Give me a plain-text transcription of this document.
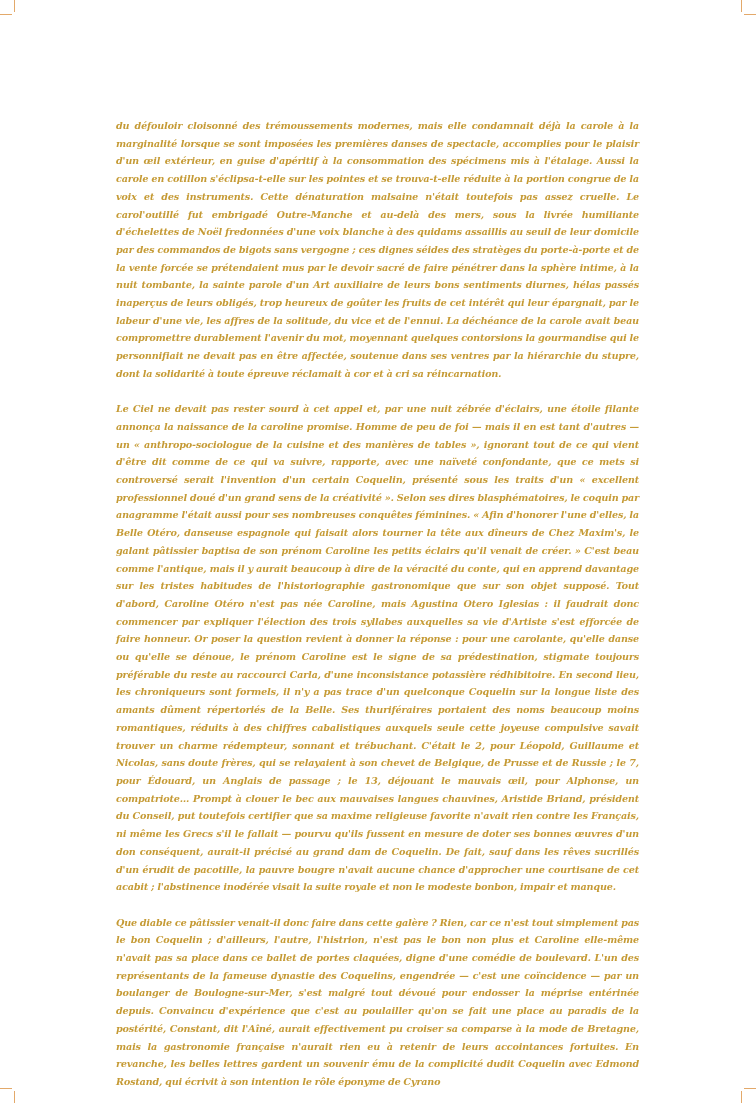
du défouloir cloisonné des trémoussements modernes, mais elle condamnait déjà la carole à la marginalité lorsque se sont imposées les premières danses de spectacle, accomplies pour le plaisir d'un œil extérieur, en guise d'apéritif à la consommation des spécimens mis à l'étalage. Aussi la carole en cotillon s'éclipsa-t-elle sur les pointes et se trouva-t-elle réduite à la portion congrue de la voix et des instruments. Cette dénaturation malsaine n'était toutefois pas assez cruelle. Le carol'outillé fut embrigadé Outre-Manche et au-delà des mers, sous la livrée humiliante d'échelettes de Noël fredonnées d'une voix blanche à des quidams assaillis au seuil de leur domicile par des commandos de bigots sans vergogne ; ces dignes séides des stratèges du porte-à-porte et de la vente forcée se prétendaient mus par le devoir sacré de faire pénétrer dans la sphère intime, à la nuit tombante, la sainte parole d'un Art auxiliaire de leurs bons sentiments diurnes, hélas passés inaperçus de leurs obligés, trop heureux de goûter les fruits de cet intérêt qui leur épargnait, par le labeur d'une vie, les affres de la solitude, du vice et de l'ennui. La déchéance de la carole avait beau compromettre durablement l'avenir du mot, moyennant quelques contorsions la gourmandise qui le personnifiait ne devait pas en être affectée, soutenue dans ses ventres par la hiérarchie du stupre, dont la solidarité à toute épreuve réclamait à cor et à cri sa réincarnation.

Le Ciel ne devait pas rester sourd à cet appel et, par une nuit zébrée d'éclairs, une étoile filante annonça la naissance de la caroline promise. Homme de peu de foi — mais il en est tant d'autres — un « anthropo-sociologue de la cuisine et des manières de tables », ignorant tout de ce qui vient d'être dit comme de ce qui va suivre, rapporte, avec une naïveté confondante, que ce mets si controversé serait l'invention d'un certain Coquelin, présenté sous les traits d'un « excellent professionnel doué d'un grand sens de la créativité ». Selon ses dires blasphématoires, le coquin par anagramme l'était aussi pour ses nombreuses conquêtes féminines. « Afin d'honorer l'une d'elles, la Belle Otéro, danseuse espagnole qui faisait alors tourner la tête aux dîneurs de Chez Maxim's, le galant pâtissier baptisa de son prénom Caroline les petits éclairs qu'il venait de créer. » C'est beau comme l'antique, mais il y aurait beaucoup à dire de la véracité du conte, qui en apprend davantage sur les tristes habitudes de l'historiographie gastronomique que sur son objet supposé. Tout d'abord, Caroline Otéro n'est pas née Caroline, mais Agustina Otero Iglesias : il faudrait donc commencer par expliquer l'élection des trois syllabes auxquelles sa vie d'Artiste s'est efforcée de faire honneur. Or poser la question revient à donner la réponse : pour une carolante, qu'elle danse ou qu'elle se dénoue, le prénom Caroline est le signe de sa prédestination, stigmate toujours préférable du reste au raccourci Carla, d'une inconsistance potassière rédhibitoire. En second lieu, les chroniqueurs sont formels, il n'y a pas trace d'un quelconque Coquelin sur la longue liste des amants dûment répertoriés de la Belle. Ses thuriféraires portaient des noms beaucoup moins romantiques, réduits à des chiffres cabalistiques auxquels seule cette joyeuse compulsive savait trouver un charme rédempteur, sonnant et trébuchant. C'était le 2, pour Léopold, Guillaume et Nicolas, sans doute frères, qui se relayaient à son chevet de Belgique, de Prusse et de Russie ; le 7, pour Édouard, un Anglais de passage ; le 13, déjouant le mauvais œil, pour Alphonse, un compatriote… Prompt à clouer le bec aux mauvaises langues chauvines, Aristide Briand, président du Conseil, put toutefois certifier que sa maxime religieuse favorite n'avait rien contre les Français, ni même les Grecs s'il le fallait — pourvu qu'ils fussent en mesure de doter ses bonnes œuvres d'un don conséquent, aurait-il précisé au grand dam de Coquelin. De fait, sauf dans les rêves sucrillés d'un érudit de pacotille, la pauvre bougre n'avait aucune chance d'approcher une courtisane de cet acabit ; l'abstinence inodérée visait la suite royale et non le modeste bonbon, impair et manque.

Que diable ce pâtissier venait-il donc faire dans cette galère ? Rien, car ce n'est tout simplement pas le bon Coquelin ; d'ailleurs, l'autre, l'histrion, n'est pas le bon non plus et Caroline elle-même n'avait pas sa place dans ce ballet de portes claquées, digne d'une comédie de boulevard. L'un des représentants de la fameuse dynastie des Coquelins, engendrée — c'est une coïncidence — par un boulanger de Boulogne-sur-Mer, s'est malgré tout dévoué pour endosser la méprise entérinée depuis. Convaincu d'expérience que c'est au poulailler qu'on se fait une place au paradis de la postérité, Constant, dit l'Aîné, aurait effectivement pu croiser sa comparse à la mode de Bretagne, mais la gastronomie française n'aurait rien eu à retenir de leurs accointances fortuites. En revanche, les belles lettres gardent un souvenir ému de la complicité dudit Coquelin avec Edmond Rostand, qui écrivit à son intention le rôle éponyme de Cyrano
